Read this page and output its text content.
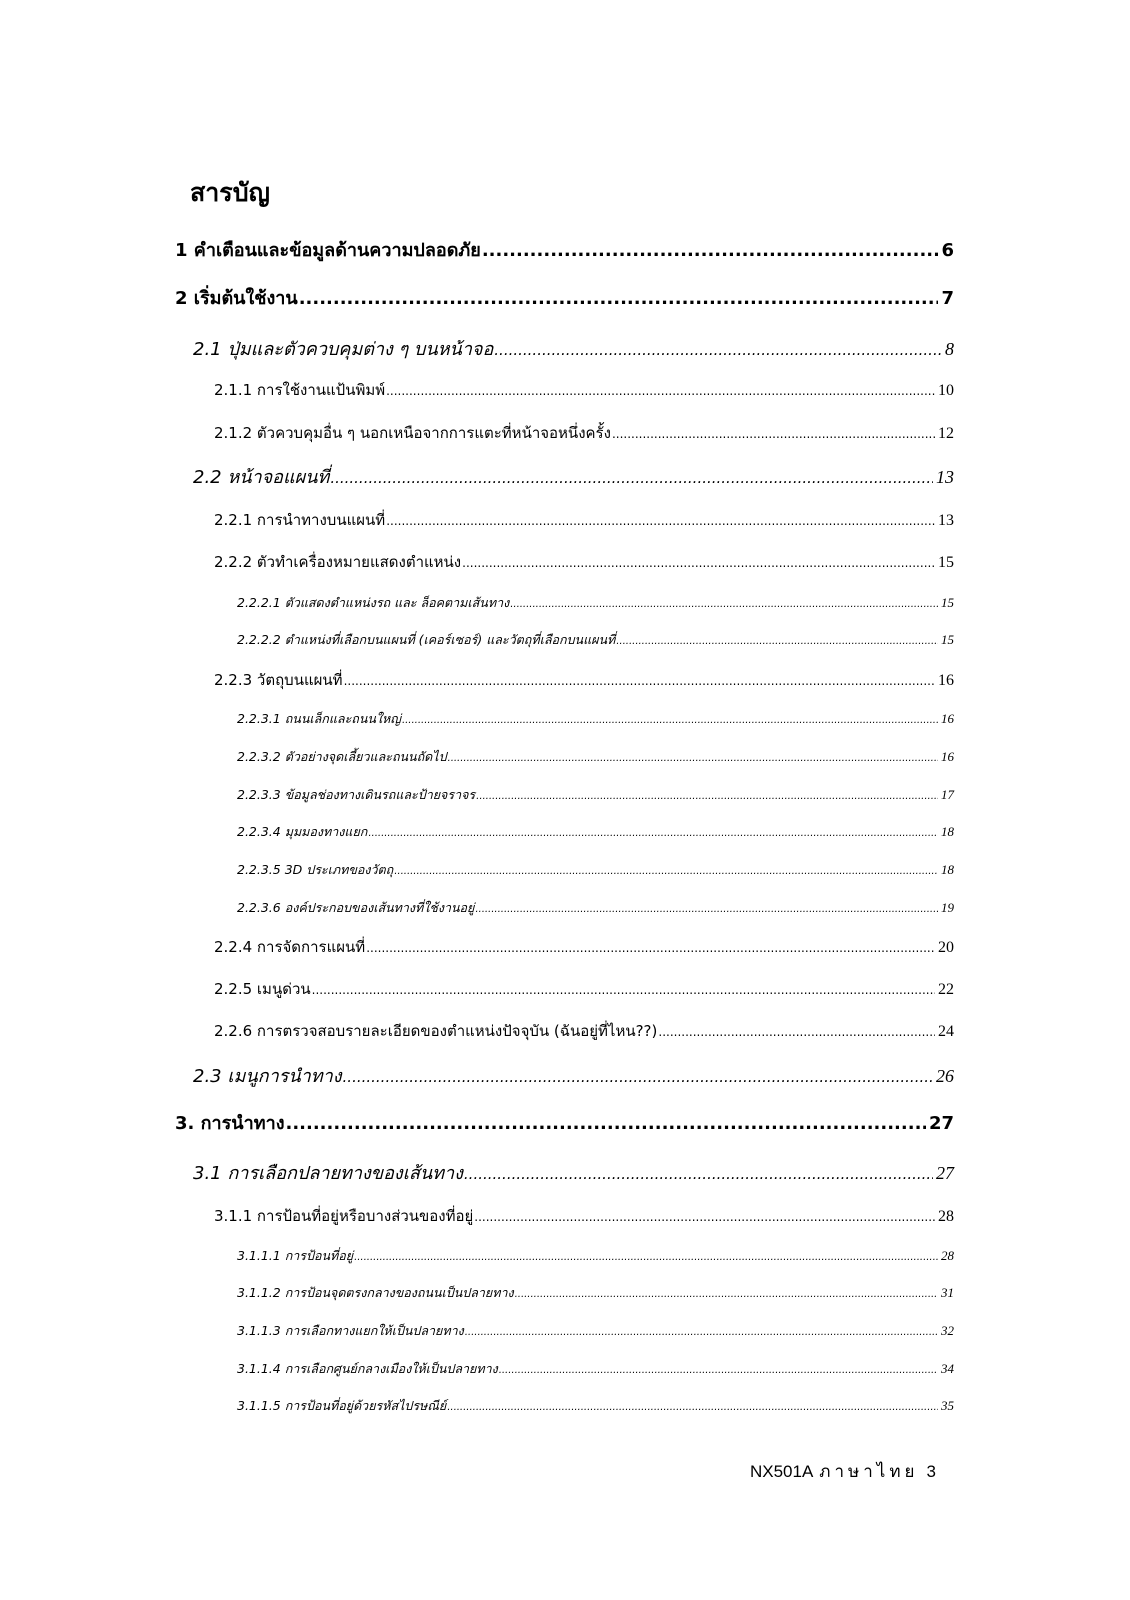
สารบัญ
1 คำเตือนและข้อมูลด้านความปลอดภัย .....	6
2 เริ่มต้นใช้งาน .....	7
2.1 ปุ่มและตัวควบคุมต่าง ๆ บนหน้าจอ .....	8
2.1.1 การใช้งานแป้นพิมพ์ .....	10
2.1.2 ตัวควบคุมอื่น ๆ นอกเหนือจากการแตะที่หน้าจอหนึ่งครั้ง .....	12
2.2 หน้าจอแผนที่ .....	13
2.2.1 การนำทางบนแผนที่ .....	13
2.2.2 ตัวทำเครื่องหมายแสดงตำแหน่ง .....	15
2.2.2.1 ตัวแสดงตำแหน่งรถ และ ล็อคตามเส้นทาง .....	15
2.2.2.2 ตำแหน่งที่เลือกบนแผนที่ (เคอร์เซอร์) และวัตถุที่เลือกบนแผนที่ .....	15
2.2.3 วัตถุบนแผนที่ .....	16
2.2.3.1 ถนนเล็กและถนนใหญ่ .....	16
2.2.3.2 ตัวอย่างจุดเลี้ยวและถนนถัดไป .....	16
2.2.3.3 ข้อมูลช่องทางเดินรถและป้ายจราจร .....	17
2.2.3.4 มุมมองทางแยก .....	18
2.2.3.5 3D ประเภทของวัตถุ .....	18
2.2.3.6 องค์ประกอบของเส้นทางที่ใช้งานอยู่ .....	19
2.2.4 การจัดการแผนที่ .....	20
2.2.5 เมนูด่วน .....	22
2.2.6 การตรวจสอบรายละเอียดของตำแหน่งปัจจุบัน (ฉันอยู่ที่ไหน??) .....	24
2.3 เมนูการนำทาง .....	26
3. การนำทาง .....	27
3.1 การเลือกปลายทางของเส้นทาง .....	27
3.1.1 การป้อนที่อยู่หรือบางส่วนของที่อยู่ .....	28
3.1.1.1 การป้อนที่อยู่ .....	28
3.1.1.2 การป้อนจุดตรงกลางของถนนเป็นปลายทาง .....	31
3.1.1.3 การเลือกทางแยกให้เป็นปลายทาง .....	32
3.1.1.4 การเลือกศูนย์กลางเมืองให้เป็นปลายทาง .....	34
3.1.1.5 การป้อนที่อยู่ด้วยรหัสไปรษณีย์ .....	35
NX501A ภาษาไทย 3
